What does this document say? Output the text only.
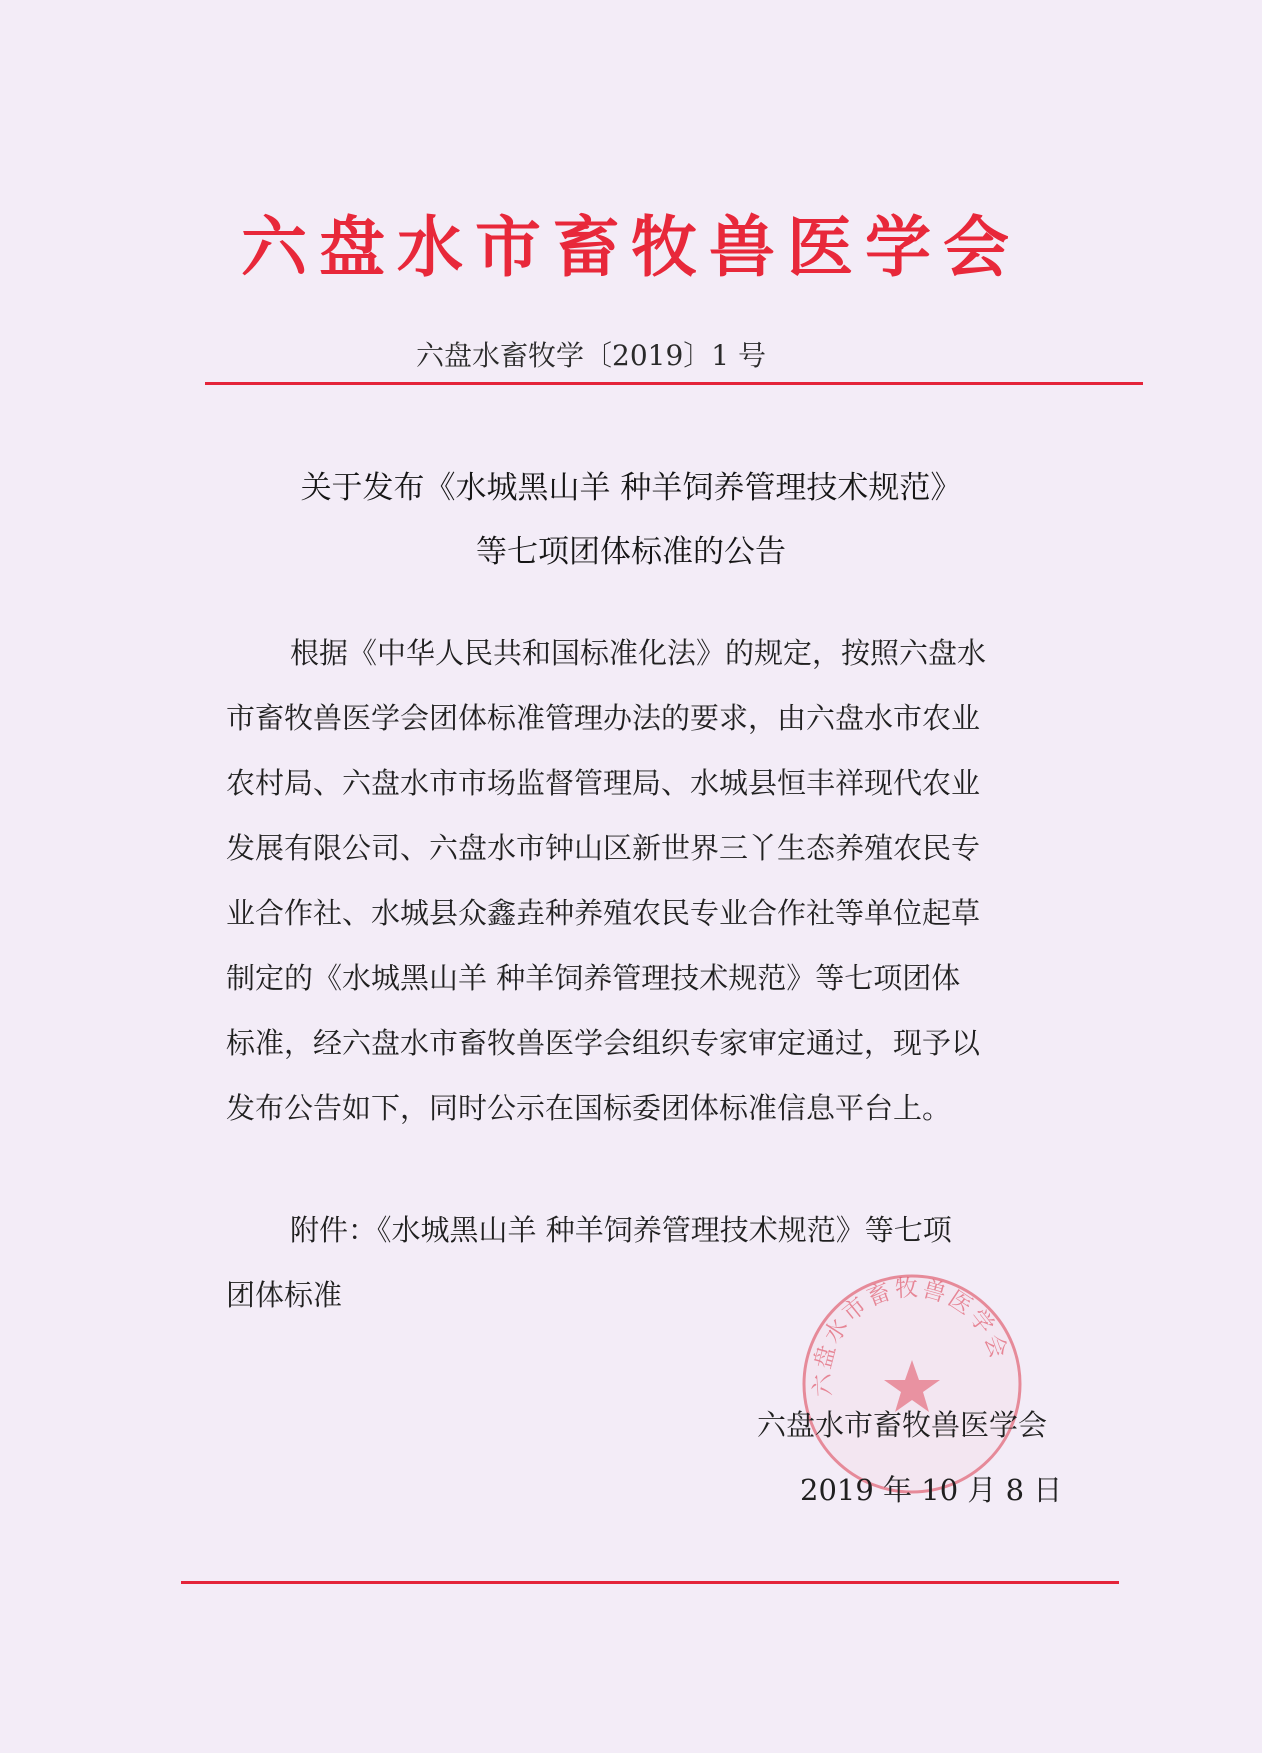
六盘水市畜牧兽医学会
六盘水畜牧学〔2019〕1 号
关于发布《水城黑山羊 种羊饲养管理技术规范》
等七项团体标准的公告
根据《中华人民共和国标准化法》的规定，按照六盘水
市畜牧兽医学会团体标准管理办法的要求，由六盘水市农业
农村局、六盘水市市场监督管理局、水城县恒丰祥现代农业
发展有限公司、六盘水市钟山区新世界三丫生态养殖农民专
业合作社、水城县众鑫垚种养殖农民专业合作社等单位起草
制定的《水城黑山羊 种羊饲养管理技术规范》等七项团体
标准，经六盘水市畜牧兽医学会组织专家审定通过，现予以
发布公告如下，同时公示在国标委团体标准信息平台上。
附件：《水城黑山羊 种羊饲养管理技术规范》等七项
团体标准
六盘水市畜牧兽医学会
六盘水市畜牧兽医学会
2019 年 10 月 8 日
